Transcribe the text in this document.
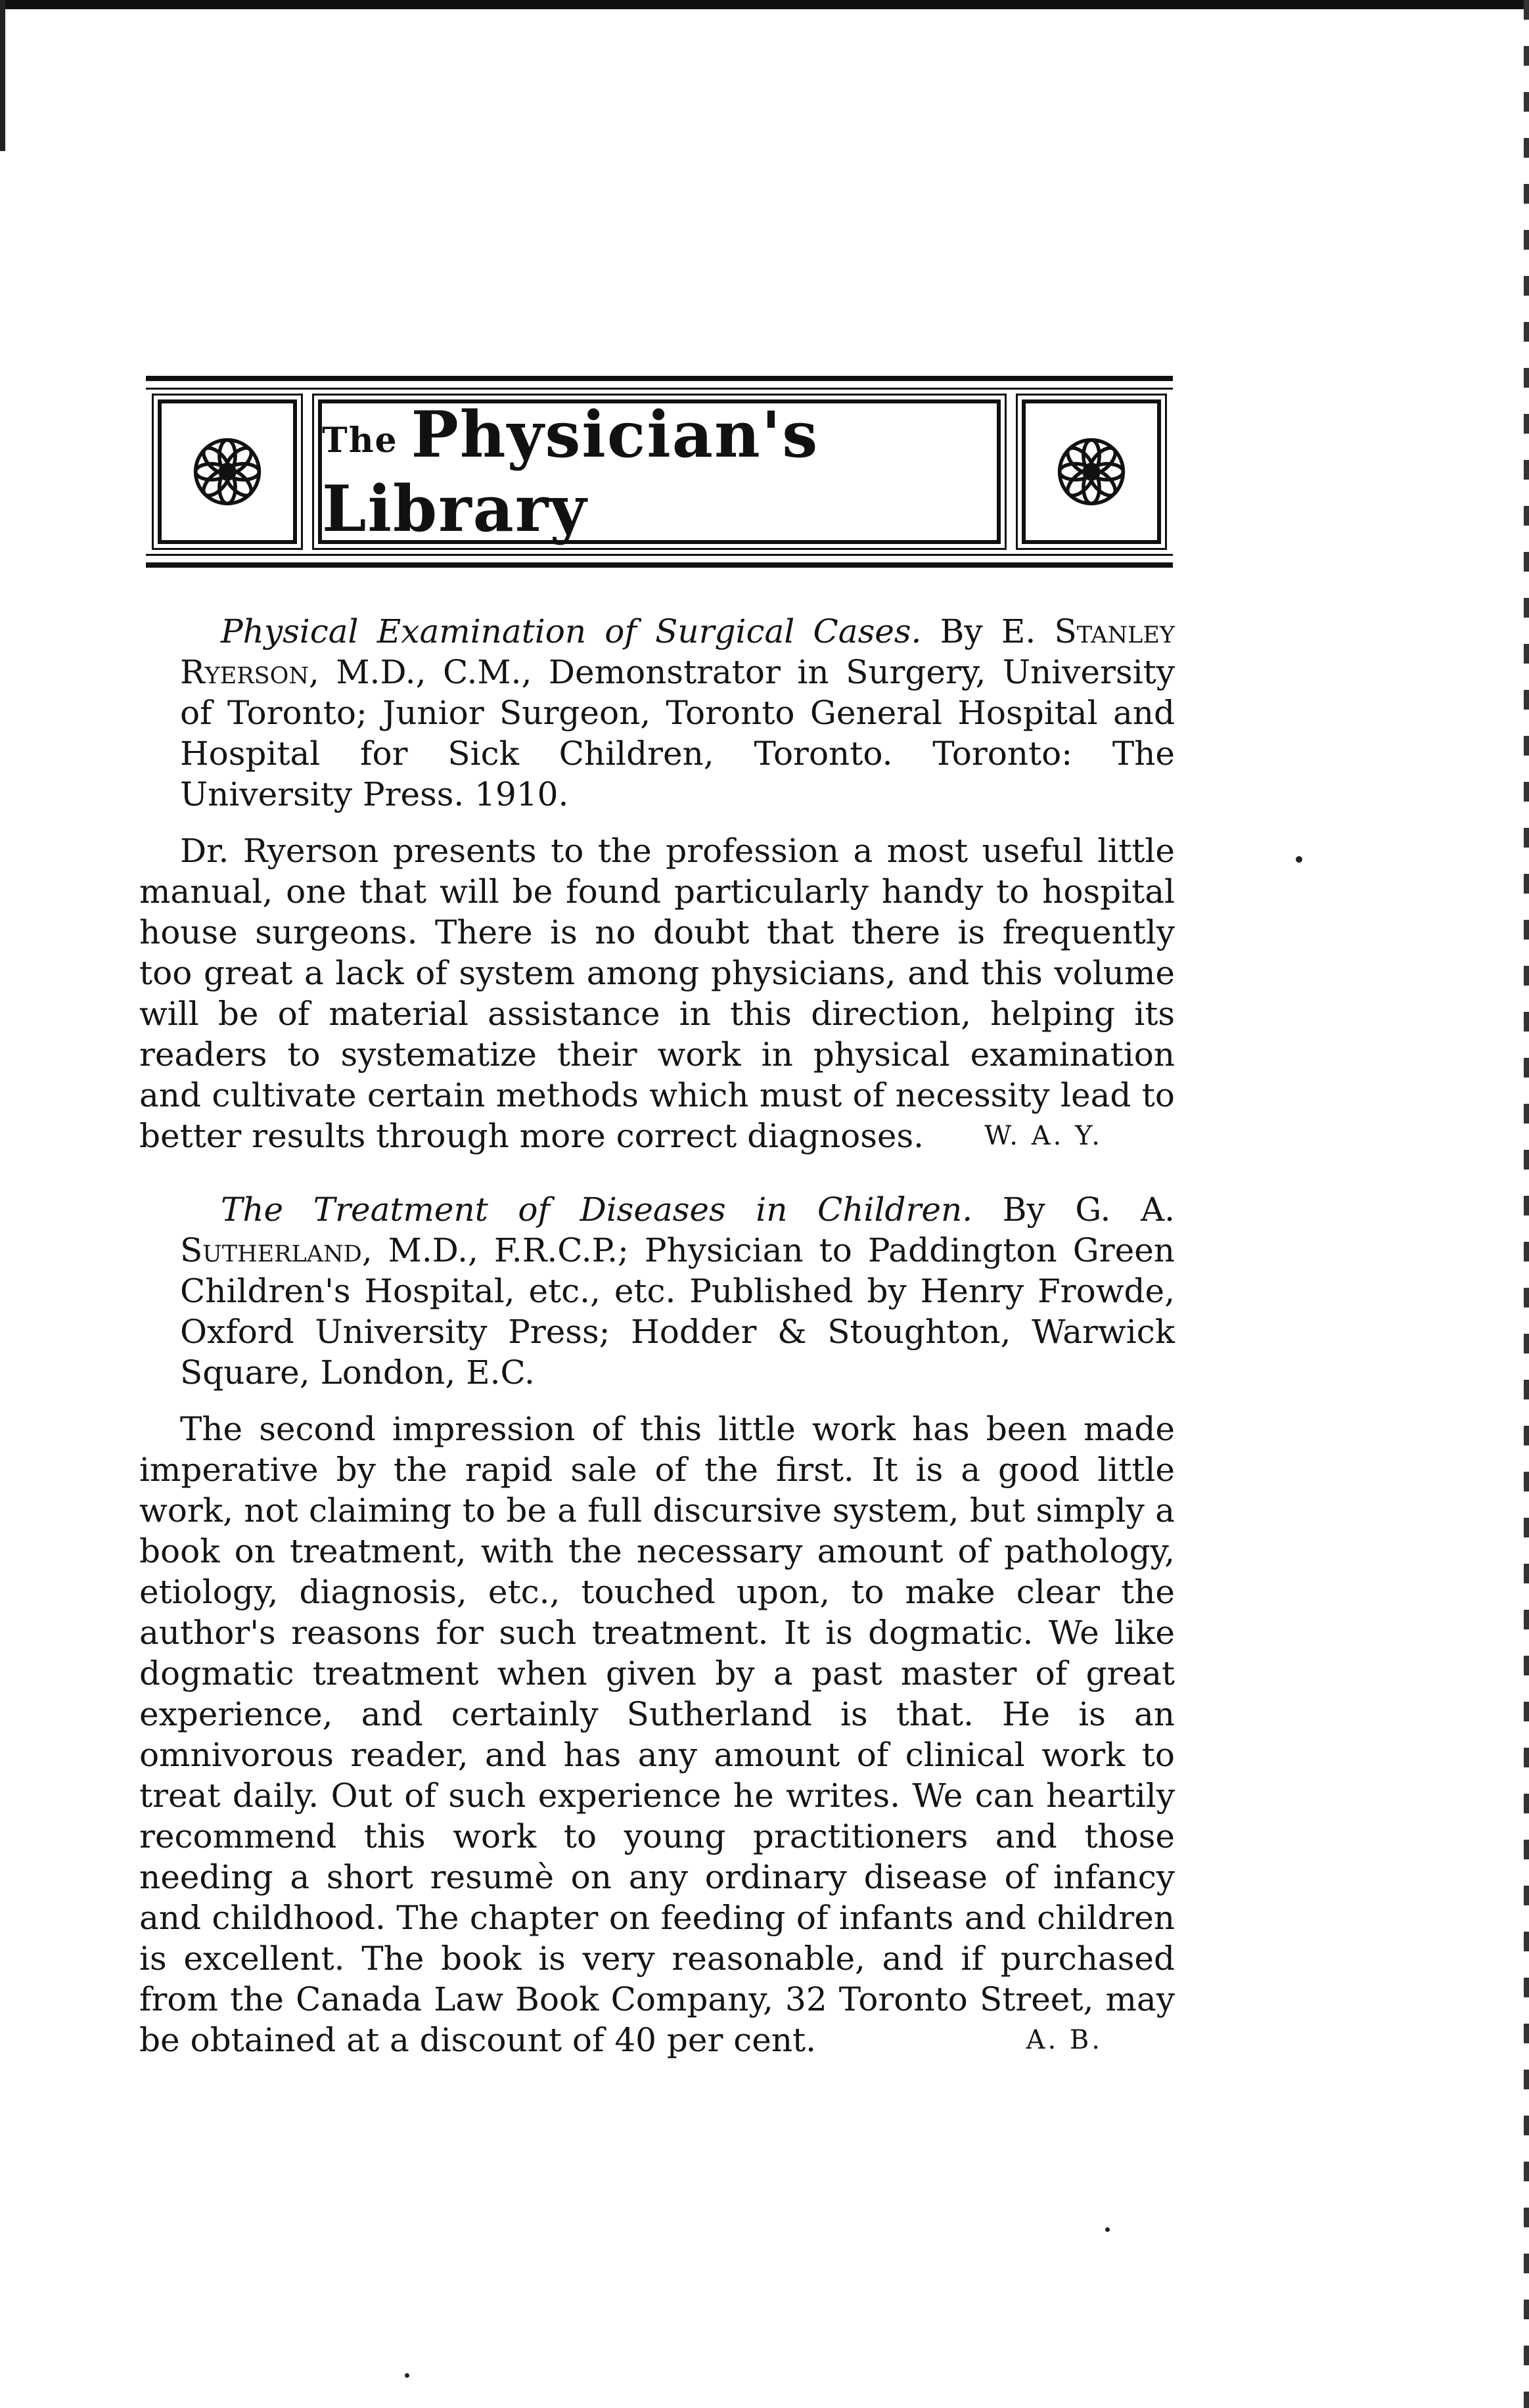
The Physician's Library

Physical Examination of Surgical Cases. By E. Stanley Ryerson, M.D., C.M., Demonstrator in Surgery, University of Toronto; Junior Surgeon, Toronto General Hospital and Hospital for Sick Children, Toronto. Toronto: The University Press. 1910.

Dr. Ryerson presents to the profession a most useful little manual, one that will be found particularly handy to hospital house surgeons. There is no doubt that there is frequently too great a lack of system among physicians, and this volume will be of material assistance in this direction, helping its readers to systematize their work in physical examination and cultivate certain methods which must of necessity lead to better results through more correct diagnoses.	W. A. Y.

The Treatment of Diseases in Children. By G. A. Sutherland, M.D., F.R.C.P.; Physician to Paddington Green Children's Hospital, etc., etc. Published by Henry Frowde, Oxford University Press; Hodder & Stoughton, Warwick Square, London, E.C.

The second impression of this little work has been made imperative by the rapid sale of the first. It is a good little work, not claiming to be a full discursive system, but simply a book on treatment, with the necessary amount of pathology, etiology, diagnosis, etc., touched upon, to make clear the author's reasons for such treatment. It is dogmatic. We like dogmatic treatment when given by a past master of great experience, and certainly Sutherland is that. He is an omnivorous reader, and has any amount of clinical work to treat daily. Out of such experience he writes. We can heartily recommend this work to young practitioners and those needing a short resumè on any ordinary disease of infancy and childhood. The chapter on feeding of infants and children is excellent. The book is very reasonable, and if purchased from the Canada Law Book Company, 32 Toronto Street, may be obtained at a discount of 40 per cent.	A. B.
